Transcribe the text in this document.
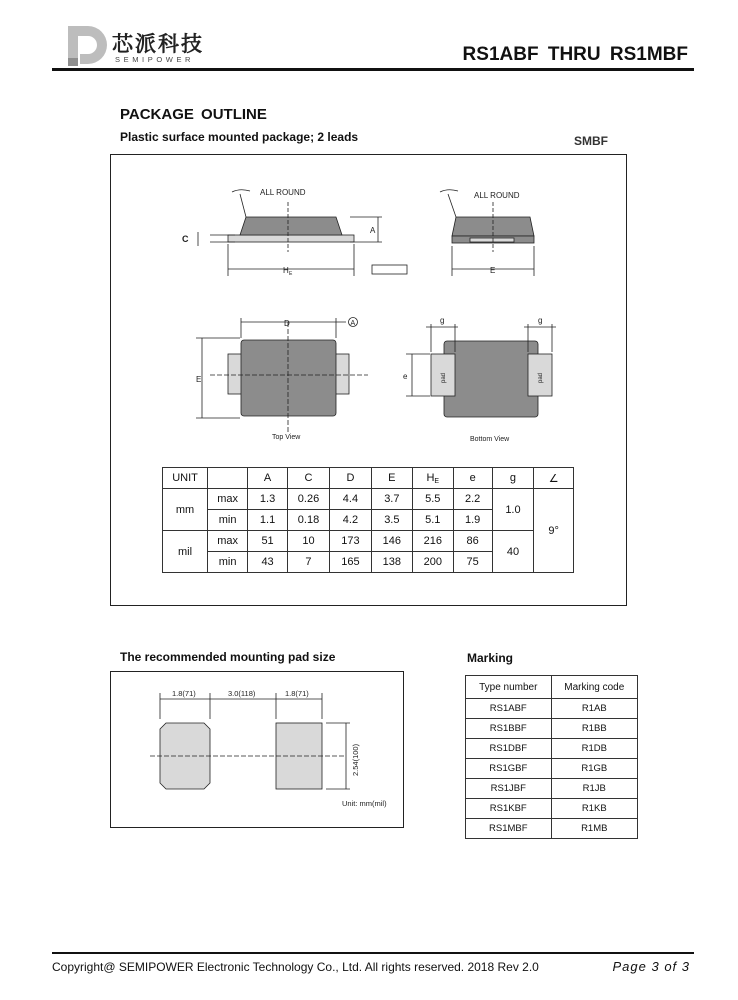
芯派科技
SEMIPOWER	RS1ABF THRU RS1MBF
PACKAGE OUTLINE
Plastic surface mounted package; 2 leads	SMBF
ALL ROUND	ALL ROUND
C
A
H E	E
D	A
E
g	g
e	pad	pad
Top View	Bottom View
UNIT		A	C	D	E	HE	e	g	∠
mm	max	1.3	0.26	4.4	3.7	5.5	2.2	1.0	9°
	min	1.1	0.18	4.2	3.5	5.1	1.9		
mil	max	51	10	173	146	216	86	40	
	min	43	7	165	138	200	75		
The recommended mounting pad size
1.8(71)	3.0(118)	1.8(71)
2.54(100)
Unit: mm(mil)
Marking
Type number	Marking code
RS1ABF	R1AB
RS1BBF	R1BB
RS1DBF	R1DB
RS1GBF	R1GB
RS1JBF	R1JB
RS1KBF	R1KB
RS1MBF	R1MB
Copyright@ SEMIPOWER Electronic Technology Co., Ltd. All rights reserved. 2018 Rev 2.0	Page 3 of 3
